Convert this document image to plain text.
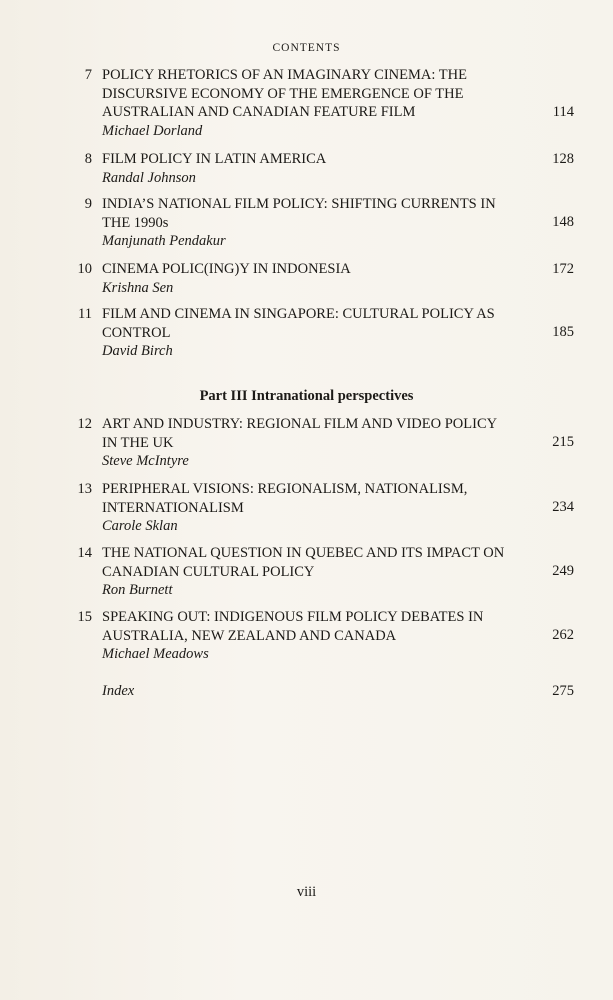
CONTENTS
7 POLICY RHETORICS OF AN IMAGINARY CINEMA: THE
DISCURSIVE ECONOMY OF THE EMERGENCE OF THE
AUSTRALIAN AND CANADIAN FEATURE FILM
Michael Dorland
114
8 FILM POLICY IN LATIN AMERICA
Randal Johnson
128
9 INDIA’S NATIONAL FILM POLICY: SHIFTING CURRENTS IN
THE 1990s
Manjunath Pendakur
148
10 CINEMA POLIC(ING)Y IN INDONESIA
Krishna Sen
172
11 FILM AND CINEMA IN SINGAPORE: CULTURAL POLICY AS
CONTROL
David Birch
185
Part III Intranational perspectives
12 ART AND INDUSTRY: REGIONAL FILM AND VIDEO POLICY
IN THE UK
Steve McIntyre
215
13 PERIPHERAL VISIONS: REGIONALISM, NATIONALISM,
INTERNATIONALISM
Carole Sklan
234
14 THE NATIONAL QUESTION IN QUEBEC AND ITS IMPACT ON
CANADIAN CULTURAL POLICY
Ron Burnett
249
15 SPEAKING OUT: INDIGENOUS FILM POLICY DEBATES IN
AUSTRALIA, NEW ZEALAND AND CANADA
Michael Meadows
262
Index	275
viii
